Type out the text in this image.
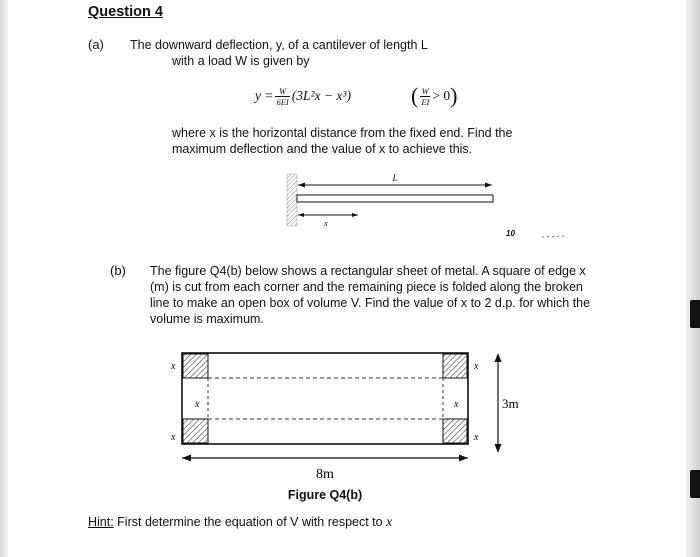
Question 4
(a) The downward deflection, y, of a cantilever of length L
with a load W is given by
$y = \frac{W}{6EI} (3L^2x - x^3)$	( $\frac{W}{EI} > 0$ )
where x is the horizontal distance from the fixed end. Find the
maximum deflection and the value of x to achieve this.
L
x
10
(b) The figure Q4(b) below shows a rectangular sheet of metal. A square of edge x
(m) is cut from each corner and the remaining piece is folded along the broken
line to make an open box of volume V. Find the value of x to 2 d.p. for which the
volume is maximum.
x
x
x	x
x
x
3m
8m
Figure Q4(b)
Hint: First determine the equation of V with respect to x
